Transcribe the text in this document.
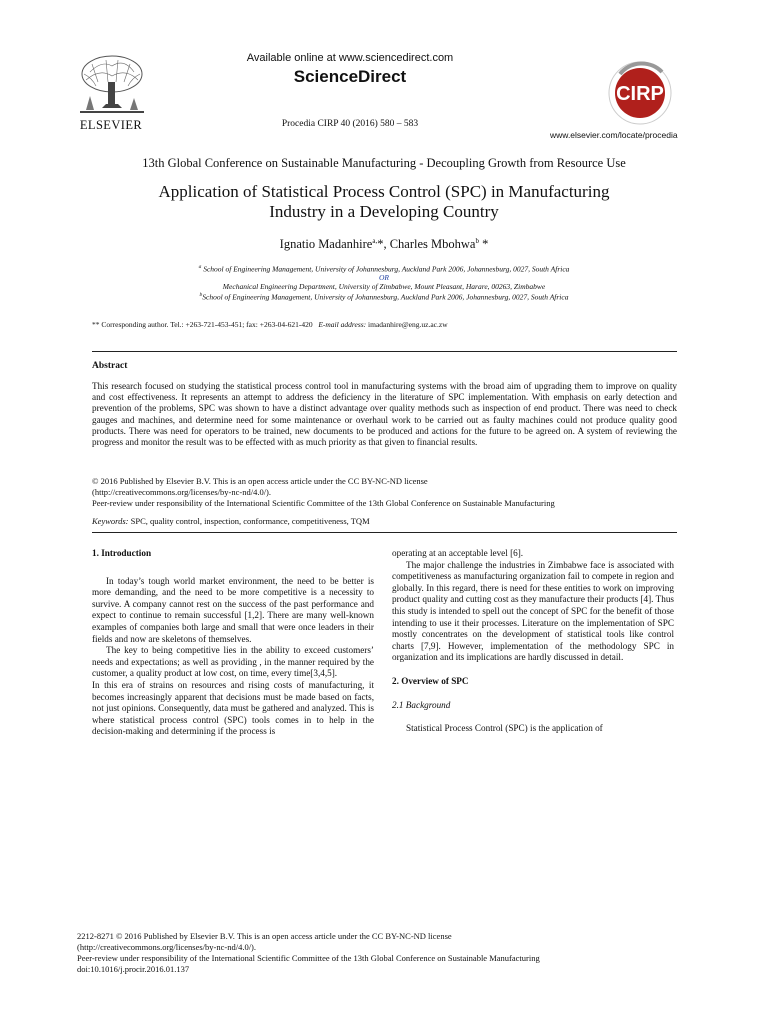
Available online at www.sciencedirect.com
ScienceDirect
Procedia CIRP 40 (2016) 580 – 583
www.elsevier.com/locate/procedia
ELSEVIER
CIRP
13th Global Conference on Sustainable Manufacturing - Decoupling Growth from Resource Use
Application of Statistical Process Control (SPC) in Manufacturing
Industry in a Developing Country
Ignatio Madanhire$^{a,}$*, Charles Mbohwa$^b$ *
$^a$ School of Engineering Management, University of Johannesburg, Auckland Park 2006, Johannesburg, 0027, South Africa
OR
Mechanical Engineering Department, University of Zimbabwe, Mount Pleasant, Harare, 00263, Zimbabwe
$^b$School of Engineering Management, University of Johannesburg, Auckland Park 2006, Johannesburg, 0027, South Africa
** Corresponding author. Tel.: +263-721-453-451; fax: +263-04-621-420 E-mail address: imadanhire@eng.uz.ac.zw
Abstract
This research focused on studying the statistical process control tool in manufacturing systems with the broad aim of upgrading them to improve on quality and cost effectiveness. It represents an attempt to address the deficiency in the literature of SPC implementation. With emphasis on early detection and prevention of the problems, SPC was shown to have a distinct advantage over quality methods such as inspection of end product. There was need to check gauges and machines, and determine need for some maintenance or overhaul work to be carried out as faulty machines could not produce quality good products. There was need for operators to be trained, new documents to be produced and actions for the future to be agreed on. A system of reviewing the progress and monitor the result was to be effected with as much priority as that given to financial results.
© 2016 Published by Elsevier B.V. This is an open access article under the CC BY-NC-ND license
(http://creativecommons.org/licenses/by-nc-nd/4.0/).
Peer-review under responsibility of the International Scientific Committee of the 13th Global Conference on Sustainable Manufacturing
Keywords: SPC, quality control, inspection, conformance, competitiveness, TQM
1. Introduction

In today’s tough world market environment, the need to be better is more demanding, and the need to be more competitive is a necessity to survive. A company cannot rest on the success of the past performance and expect to continue to remain successful [1,2]. There are many well-known examples of companies both large and small that were once leaders in their fields and now are skeletons of themselves.

The key to being competitive lies in the ability to exceed customers’ needs and expectations; as well as providing , in the manner required by the customer, a quality product at low cost, on time, every time[3,4,5].

In this era of strains on resources and rising costs of manufacturing, it becomes increasingly apparent that decisions must be made based on facts, not just opinions. Consequently, data must be gathered and analyzed. This is where statistical process control (SPC) tools comes in to help in the decision-making and determining if the process is

operating at an acceptable level [6].

The major challenge the industries in Zimbabwe face is associated with competitiveness as manufacturing organization fail to compete in region and globally. In this regard, there is need for these entities to work on improving product quality and cutting cost as they manufacture their products [4]. Thus this study is intended to spell out the concept of SPC for the benefit of those intending to use it their processes. Literature on the implementation of SPC mostly concentrates on the development of statistical tools like control charts [7,9]. However, implementation of the methodology SPC in organization and its implications are hardly discussed in detail.

2. Overview of SPC
2.1 Background

Statistical Process Control (SPC) is the application of

2212-8271 © 2016 Published by Elsevier B.V. This is an open access article under the CC BY-NC-ND license
(http://creativecommons.org/licenses/by-nc-nd/4.0/).
Peer-review under responsibility of the International Scientific Committee of the 13th Global Conference on Sustainable Manufacturing
doi:10.1016/j.procir.2016.01.137
